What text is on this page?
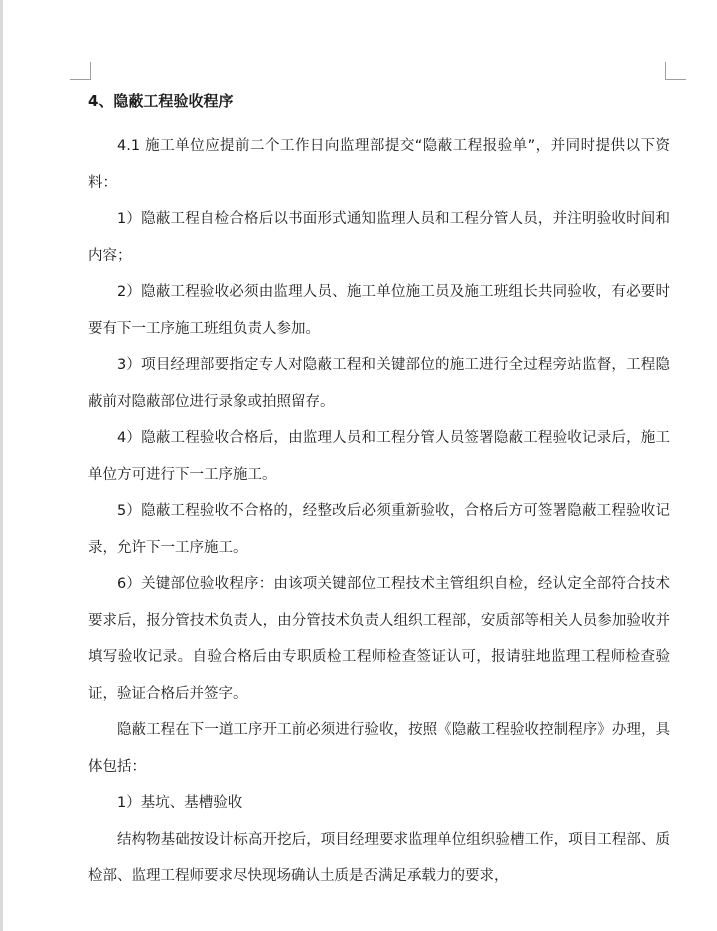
4、隐蔽工程验收程序

4.1 施工单位应提前二个工作日向监理部提交“隐蔽工程报验单”，并同时提供以下资料：

1）隐蔽工程自检合格后以书面形式通知监理人员和工程分管人员，并注明验收时间和内容；

2）隐蔽工程验收必须由监理人员、施工单位施工员及施工班组长共同验收，有必要时要有下一工序施工班组负责人参加。

3）项目经理部要指定专人对隐蔽工程和关键部位的施工进行全过程旁站监督，工程隐蔽前对隐蔽部位进行录象或拍照留存。

4）隐蔽工程验收合格后，由监理人员和工程分管人员签署隐蔽工程验收记录后，施工单位方可进行下一工序施工。

5）隐蔽工程验收不合格的，经整改后必须重新验收，合格后方可签署隐蔽工程验收记录，允许下一工序施工。

6）关键部位验收程序：由该项关键部位工程技术主管组织自检，经认定全部符合技术要求后，报分管技术负责人，由分管技术负责人组织工程部，安质部等相关人员参加验收并填写验收记录。自验合格后由专职质检工程师检查签证认可，报请驻地监理工程师检查验证，验证合格后并签字。

隐蔽工程在下一道工序开工前必须进行验收，按照《隐蔽工程验收控制程序》办理，具体包括：

1）基坑、基槽验收

结构物基础按设计标高开挖后，项目经理要求监理单位组织验槽工作，项目工程部、质检部、监理工程师要求尽快现场确认土质是否满足承载力的要求，
